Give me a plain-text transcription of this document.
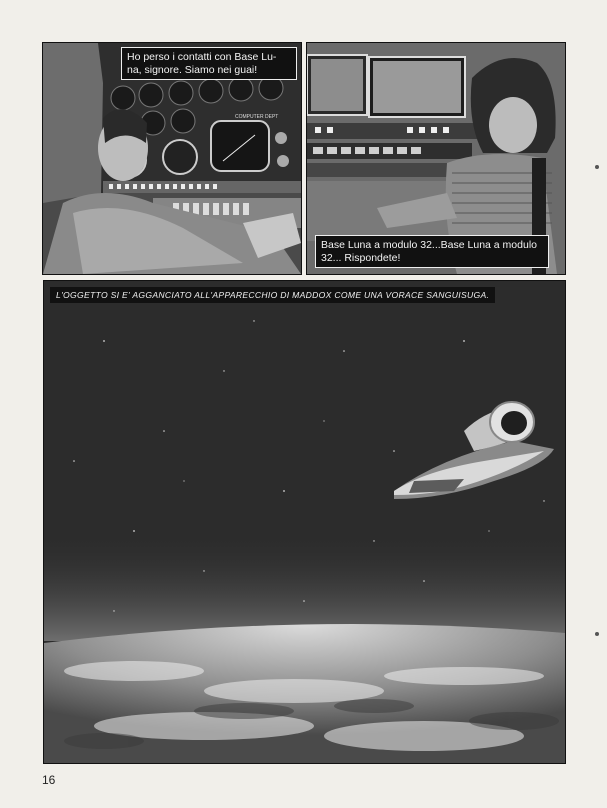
COMPUTER DEPT
Ho perso i contatti con Base Lu-
na, signore. Siamo nei guai!
Base Luna a modulo 32...Base Luna a modulo
32... Rispondete!
L'OGGETTO SI E' AGGANCIATO ALL'APPARECCHIO DI MADDOX COME UNA VORACE SANGUISUGA.
16
